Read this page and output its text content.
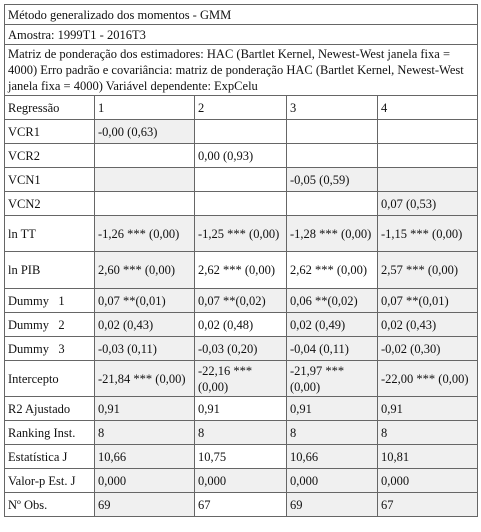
Método generalizado dos momentos - GMM				
Amostra: 1999T1 - 2016T3				
Matriz de ponderação dos estimadores: HAC (Bartlet Kernel, Newest-West janela fixa = 4000) Erro padrão e covariância: matriz de ponderação HAC (Bartlet Kernel, Newest-West janela fixa = 4000) Variável dependente: ExpCelu				
Regressão	1	2	3	4
VCR1	-0,00 (0,63)			
VCR2		0,00 (0,93)		
VCN1			-0,05 (0,59)	
VCN2				0,07 (0,53)
ln TT	-1,26 *** (0,00)	-1,25 *** (0,00)	-1,28 *** (0,00)	-1,15 *** (0,00)
ln PIB	2,60 *** (0,00)	2,62 *** (0,00)	2,62 *** (0,00)	2,57 *** (0,00)
Dummy   1	0,07 **(0,01)	0,07 **(0,02)	0,06 **(0,02)	0,07 **(0,01)
Dummy   2	0,02 (0,43)	0,02 (0,48)	0,02 (0,49)	0,02 (0,43)
Dummy   3	-0,03 (0,11)	-0,03 (0,20)	-0,04 (0,11)	-0,02 (0,30)
Intercepto	-21,84 *** (0,00)	-22,16 *** (0,00)	-21,97 *** (0,00)	-22,00 *** (0,00)
R2 Ajustado	0,91	0,91	0,91	0,91
Ranking Inst.	8	8	8	8
Estatística J	10,66	10,75	10,66	10,81
Valor-p Est. J	0,000	0,000	0,000	0,000
Nº Obs.	69	67	69	67
